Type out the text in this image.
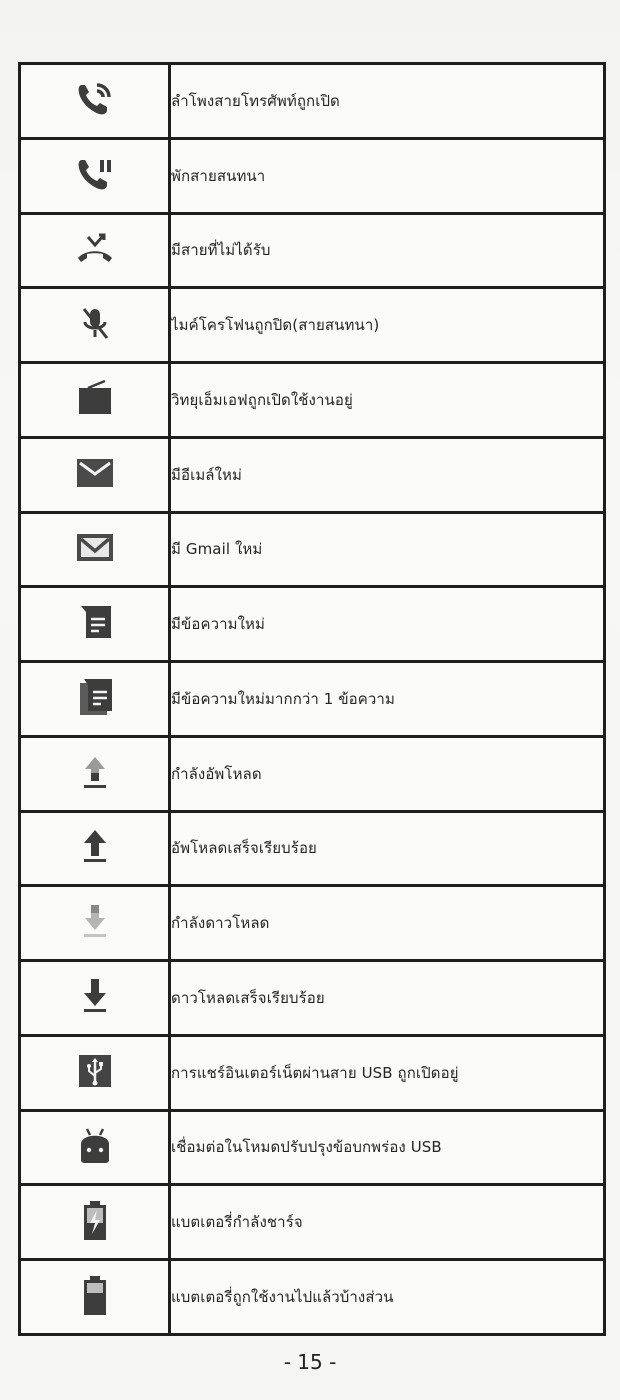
	ลำโพงสายโทรศัพท์ถูกเปิด

	พักสายสนทนา

	มีสายที่ไม่ได้รับ

	ไมค์โครโฟนถูกปิด(สายสนทนา)

	วิทยุเอ็มเอฟถูกเปิดใช้งานอยู่

	มีอีเมล์ใหม่

	มี Gmail ใหม่

	มีข้อความใหม่

	มีข้อความใหม่มากกว่า 1 ข้อความ

	กำลังอัพโหลด

	อัพโหลดเสร็จเรียบร้อย

	กำลังดาวโหลด

	ดาวโหลดเสร็จเรียบร้อย

	การแชร์อินเตอร์เน็ตผ่านสาย USB ถูกเปิดอยู่

	เชื่อมต่อในโหมดปรับปรุงข้อบกพร่อง USB

	แบตเตอรี่กำลังชาร์จ

	แบตเตอรี่ถูกใช้งานไปแล้วบ้างส่วน
- 15 -
